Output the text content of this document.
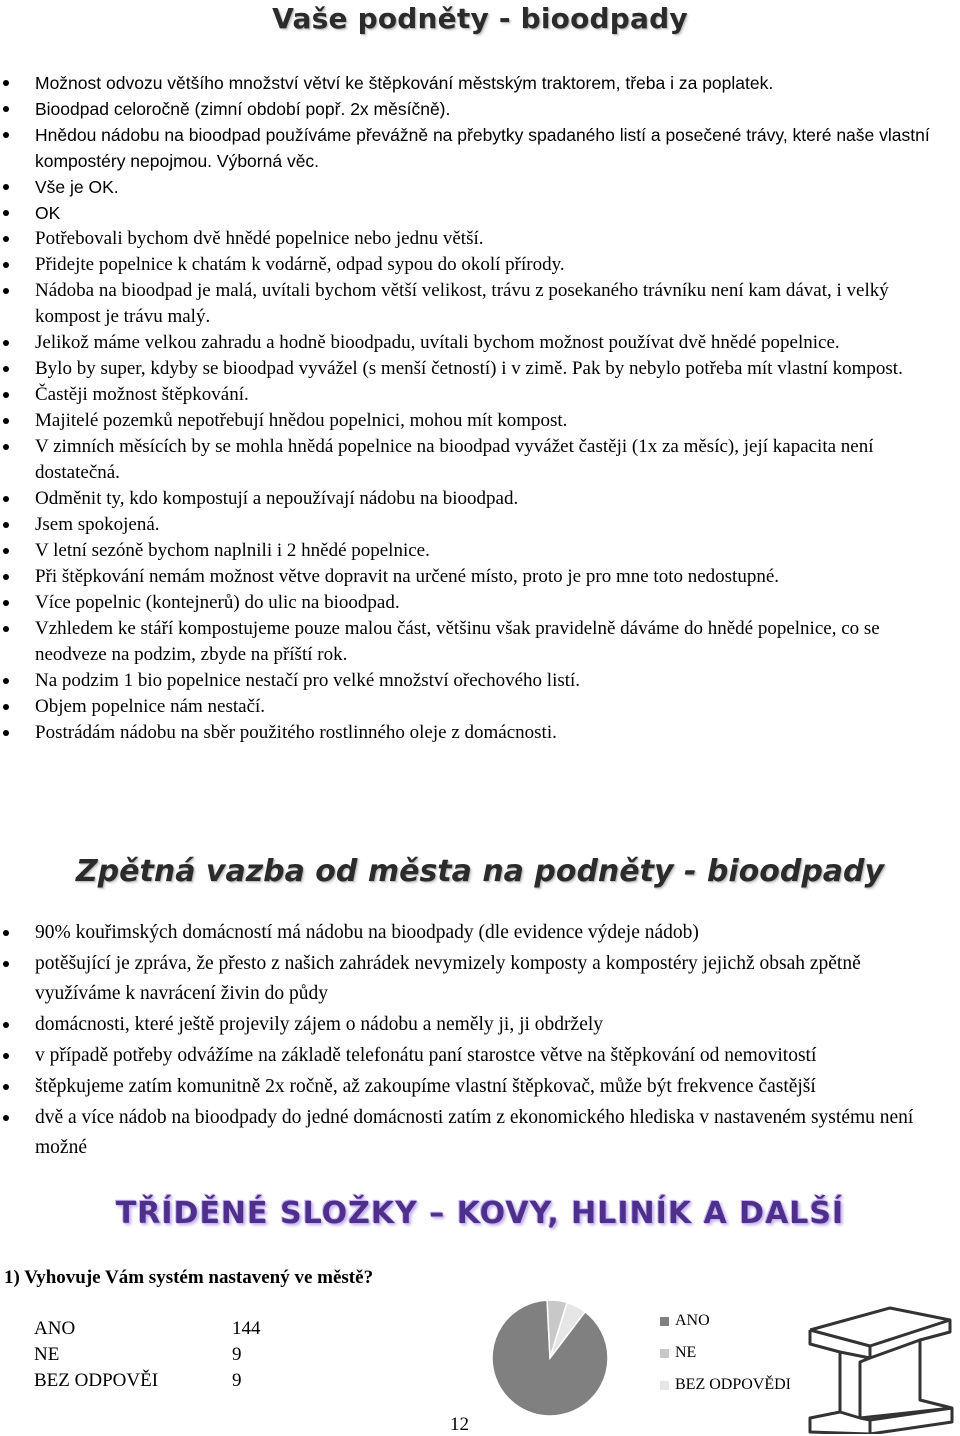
Vaše podněty - bioodpady
Možnost odvozu většího množství větví ke štěpkování městským traktorem, třeba i za poplatek.
Bioodpad celoročně (zimní období popř. 2x měsíčně).
Hnědou nádobu na bioodpad používáme převážně na přebytky spadaného listí a posečené trávy, které naše vlastní kompostéry nepojmou. Výborná věc.
Vše je OK.
OK
Potřebovali bychom dvě hnědé popelnice nebo jednu větší.
Přidejte popelnice k chatám k vodárně, odpad sypou do okolí přírody.
Nádoba na bioodpad je malá, uvítali bychom větší velikost, trávu z posekaného trávníku není kam dávat, i velký kompost je trávu malý.
Jelikož máme velkou zahradu a hodně bioodpadu, uvítali bychom možnost používat dvě hnědé popelnice.
Bylo by super, kdyby se bioodpad vyvážel (s menší četností) i v zimě. Pak by nebylo potřeba mít vlastní kompost.
Častěji možnost štěpkování.
Majitelé pozemků nepotřebují hnědou popelnici, mohou mít kompost.
V zimních měsících by se mohla hnědá popelnice na bioodpad vyvážet častěji (1x za měsíc), její kapacita není dostatečná.
Odměnit ty, kdo kompostují a nepoužívají nádobu na bioodpad.
Jsem spokojená.
V letní sezóně bychom naplnili i 2 hnědé popelnice.
Při štěpkování nemám možnost větve dopravit na určené místo, proto je pro mne toto nedostupné.
Více popelnic (kontejnerů) do ulic na bioodpad.
Vzhledem ke stáří kompostujeme pouze malou část, většinu však pravidelně dáváme do hnědé popelnice, co se neodveze na podzim, zbyde na příští rok.
Na podzim 1 bio popelnice nestačí pro velké množství ořechového listí.
Objem popelnice nám nestačí.
Postrádám nádobu na sběr použitého rostlinného oleje z domácnosti.
Zpětná vazba od města na podněty - bioodpady
90% kouřimských domácností má nádobu na bioodpady (dle evidence výdeje nádob)
potěšující je zpráva, že přesto z našich zahrádek nevymizely komposty a kompostéry jejichž obsah zpětně využíváme k navrácení živin do půdy
domácnosti, které ještě projevily zájem o nádobu a neměly ji, ji obdržely
v případě potřeby odvážíme na základě telefonátu paní starostce větve na štěpkování od nemovitostí
štěpkujeme zatím komunitně 2x ročně, až zakoupíme vlastní štěpkovač, může být frekvence častější
dvě a více nádob na bioodpady do jedné domácnosti zatím z ekonomického hlediska v nastaveném systému není možné
TŘÍDĚNÉ SLOŽKY – KOVY, HLINÍK A DALŠÍ
1) Vyhovuje Vám systém nastavený ve městě?
ANO	144
NE	9
BEZ ODPOVĚI	9
ANO
NE
BEZ ODPOVĚDI
12
